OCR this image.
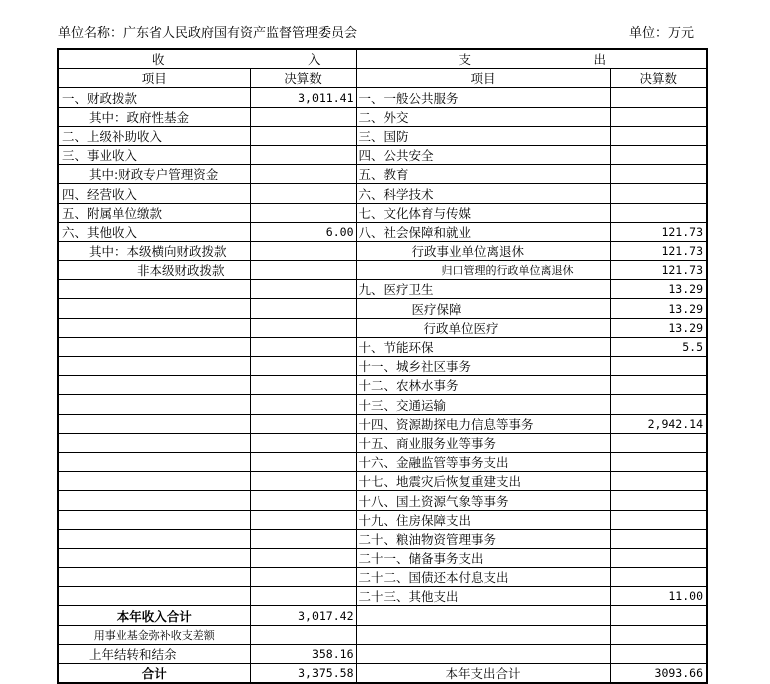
单位名称：广东省人民政府国有资产监督管理委员会	单位：万元
收 入		支 出	

项目	决算数	项目	决算数
一、财政拨款	3,011.41	一、一般公共服务	
其中：政府性基金		二、外交	
二、上级补助收入		三、国防	
三、事业收入		四、公共安全	
其中:财政专户管理资金		五、教育	
四、经营收入		六、科学技术	
五、附属单位缴款		七、文化体育与传媒	
六、其他收入	6.00	八、社会保障和就业	121.73
其中：本级横向财政拨款		行政事业单位离退休	121.73
非本级财政拨款		归口管理的行政单位离退休	121.73
		九、医疗卫生	13.29
		医疗保障	13.29
		行政单位医疗	13.29
		十、节能环保	5.5
		十一、城乡社区事务	
		十二、农林水事务	
		十三、交通运输	
		十四、资源勘探电力信息等事务	2,942.14
		十五、商业服务业等事务	
		十六、金融监管等事务支出	
		十七、地震灾后恢复重建支出	
		十八、国土资源气象等事务	
		十九、住房保障支出	
		二十、粮油物资管理事务	
		二十一、储备事务支出	
		二十二、国债还本付息支出	
		二十三、其他支出	11.00
本年收入合计	3,017.42		
用事业基金弥补收支差额			
上年结转和结余	358.16		
合计	3,375.58	本年支出合计	3093.66
